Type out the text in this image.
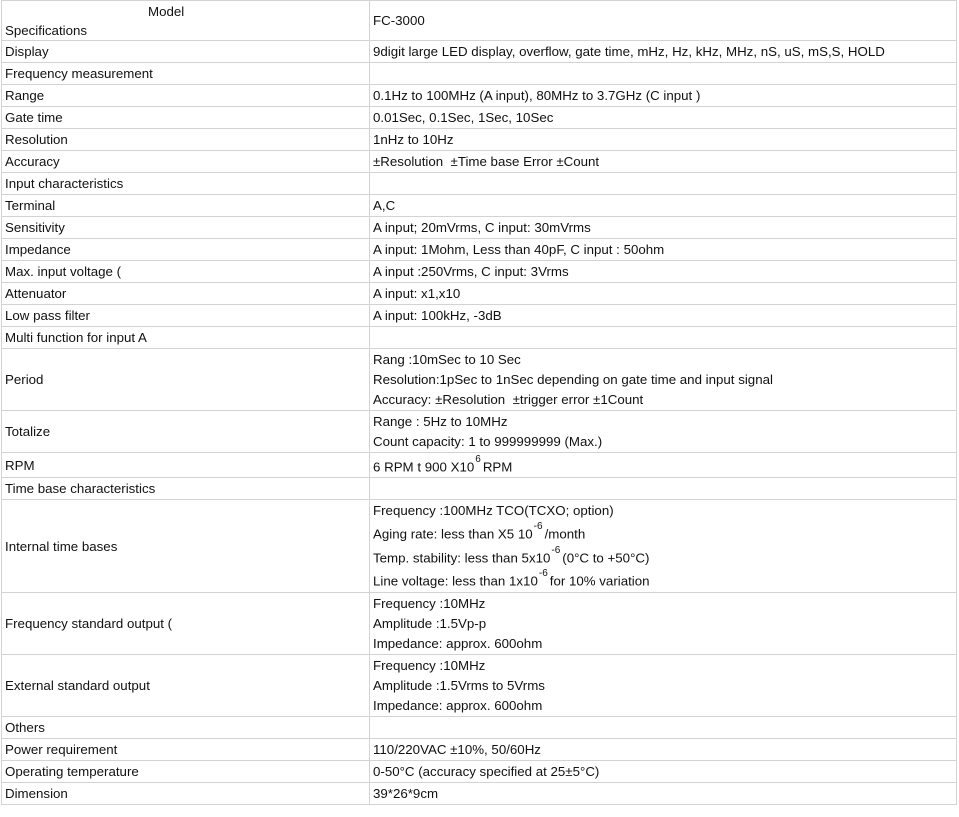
Model
Specifications	FC-3000
Display	9digit large LED display, overflow, gate time, mHz, Hz, kHz, MHz, nS, uS, mS,S, HOLD
Frequency measurement	
Range	0.1Hz to 100MHz (A input), 80MHz to 3.7GHz (C input )
Gate time	0.01Sec, 0.1Sec, 1Sec, 10Sec
Resolution	1nHz to 10Hz
Accuracy	±Resolution  ±Time base Error ±Count
Input characteristics	
Terminal	A,C
Sensitivity	A input; 20mVrms, C input: 30mVrms
Impedance	A input: 1Mohm, Less than 40pF, C input : 50ohm
Max. input voltage (	A input :250Vrms, C input: 3Vrms
Attenuator	A input: x1,x10
Low pass filter	A input: 100kHz, -3dB
Multi function for input A	
Period	Rang :10mSec to 10 Sec
Resolution:1pSec to 1nSec depending on gate time and input signal
Accuracy: ±Resolution  ±trigger error ±1Count

Totalize	Range : 5Hz to 10MHz
Count capacity: 1 to 999999999 (Max.)

RPM	6 RPM t 900 $X10^6$ RPM
Time base characteristics	
Internal time bases	Frequency :100MHz TCO(TCXO; option)
Aging rate: less than X5 $10^{-6}$ /month
Temp. stability: less than $5x10^{-6}$ (0°C to +50°C)
Line voltage: less than $1x10^{-6}$ for 10% variation

Frequency standard output (	Frequency :10MHz
Amplitude :1.5Vp-p
Impedance: approx. 600ohm

External standard output	Frequency :10MHz
Amplitude :1.5Vrms to 5Vrms
Impedance: approx. 600ohm

Others	
Power requirement	110/220VAC ±10%, 50/60Hz
Operating temperature	0-50°C (accuracy specified at 25±5°C)
Dimension	39*26*9cm
